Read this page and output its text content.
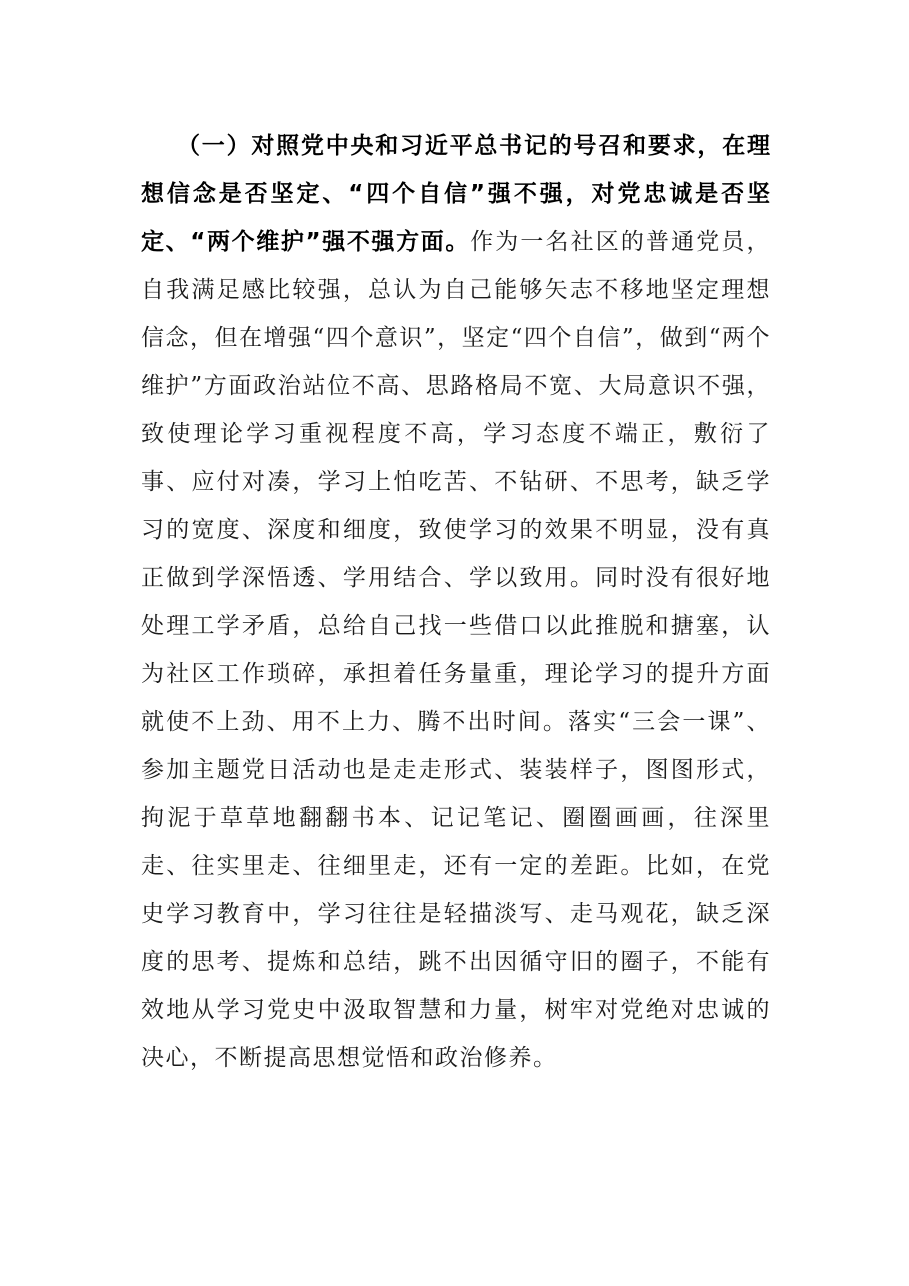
（一）对照党中央和习近平总书记的号召和要求，在理想信念是否坚定、“四个自信”强不强，对党忠诚是否坚定、“两个维护”强不强方面。作为一名社区的普通党员，自我满足感比较强，总认为自己能够矢志不移地坚定理想信念，但在增强“四个意识”，坚定“四个自信”，做到“两个维护”方面政治站位不高、思路格局不宽、大局意识不强，致使理论学习重视程度不高，学习态度不端正，敷衍了事、应付对凑，学习上怕吃苦、不钻研、不思考，缺乏学习的宽度、深度和细度，致使学习的效果不明显，没有真正做到学深悟透、学用结合、学以致用。同时没有很好地处理工学矛盾，总给自己找一些借口以此推脱和搪塞，认为社区工作琐碎，承担着任务量重，理论学习的提升方面就使不上劲、用不上力、腾不出时间。落实“三会一课”、参加主题党日活动也是走走形式、装装样子，图图形式，拘泥于草草地翻翻书本、记记笔记、圈圈画画，往深里走、往实里走、往细里走，还有一定的差距。比如，在党史学习教育中，学习往往是轻描淡写、走马观花，缺乏深度的思考、提炼和总结，跳不出因循守旧的圈子，不能有效地从学习党史中汲取智慧和力量，树牢对党绝对忠诚的决心，不断提高思想觉悟和政治修养。
